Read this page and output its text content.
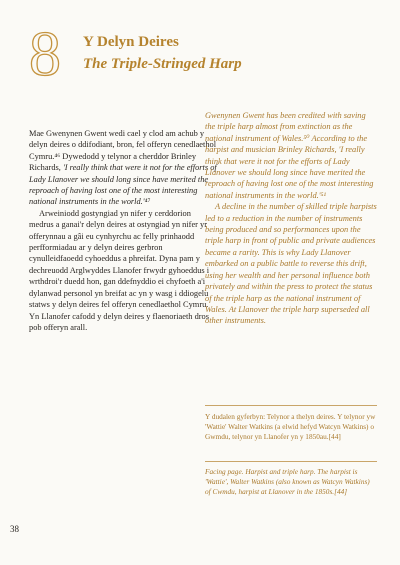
8 Y Delyn Deires
The Triple-Stringed Harp

Mae Gwenynen Gwent wedi cael y clod am achub y delyn deires o ddifodiant, bron, fel offeryn cenedlaethol Cymru.⁴⁶ Dywedodd y telynor a cherddor Brinley Richards, 'I really think that were it not for the efforts of Lady Llanover we should long since have merited the reproach of having lost one of the most interesting national instruments in the world.'⁴⁷

Arweiniodd gostyngiad yn nifer y cerddorion medrus a ganai'r delyn deires at ostyngiad yn nifer yr offerynnau a gâi eu cynhyrchu ac felly prinhaodd perfformiadau ar y delyn deires gerbron cynulleidfaoedd cyhoeddus a phreifat. Dyna pam y dechreuodd Arglwyddes Llanofer frwydr gyhoeddus i wrthdroi'r duedd hon, gan ddefnyddio ei chyfoeth a'i dylanwad personol yn breifat ac yn y wasg i ddiogelu statws y delyn deires fel offeryn cenedlaethol Cymru. Yn Llanofer cafodd y delyn deires y flaenoriaeth dros pob offeryn arall.

Gwenynen Gwent has been credited with saving the triple harp almost from extinction as the national instrument of Wales.⁵⁰ According to the harpist and musician Brinley Richards, 'I really think that were it not for the efforts of Lady Llanover we should long since have merited the reproach of having lost one of the most interesting national instruments in the world.'⁵¹

A decline in the number of skilled triple harpists led to a reduction in the number of instruments being produced and so performances upon the triple harp in front of public and private audiences became a rarity. This is why Lady Llanover embarked on a public battle to reverse this drift, using her wealth and her personal influence both privately and within the press to protect the status of the triple harp as the national instrument of Wales. At Llanover the triple harp superseded all other instruments.

Y dudalen gyferbyn: Telynor a thelyn deires. Y telynor yw 'Wattie' Walter Watkins (a elwid hefyd Watcyn Watkins) o Gwmdu, telynor yn Llanofer yn y 1850au.[44]
Facing page. Harpist and triple harp. The harpist is 'Wattie', Walter Watkins (also known as Watcyn Watkins) of Cwmdu, harpist at Llanover in the 1850s.[44]
38
